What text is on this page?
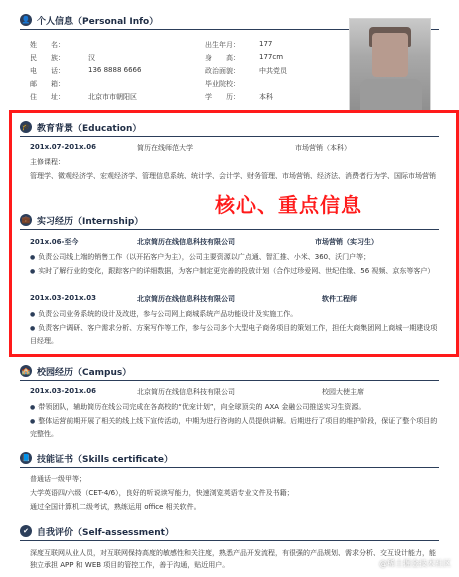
👤 个人信息（Personal Info）
姓　　名：	出生年月：	177
民　　族：	汉	身　　高：	177cm
电　　话：	136 8888 6666	政治面貌：	中共党员
邮　　箱：	毕业院校：
住　　址：	北京市市朝阳区	学　　历：	本科
🎓 教育背景（Education）
201x.07-201x.06	简历在线师范大学	市场营销（本科）
主修课程：
管理学、微观经济学、宏观经济学、管理信息系统、统计学、会计学、财务管理、市场营销、经济法、消费者行为学、国际市场营销
核心、重点信息
💼 实习经历（Internship）
201x.06-至今	北京简历在线信息科技有限公司	市场营销（实习生）
● 负责公司线上端的销售工作（以开拓客户为主），公司主要资源以广点通、智汇推、小米、360、沃门户等；
● 实时了解行业的变化，跟踪客户的详细数据，为客户制定更完善的投放计划（合作过珍爱网、世纪佳缘、56 视频、京东等客户）
201x.03-201x.03	北京简历在线信息科技有限公司	软件工程师
● 负责公司业务系统的设计及改进，参与公司网上商城系统产品功能设计及实施工作。
● 负责客户调研、客户需求分析、方案写作等工作，参与公司多个大型电子商务项目的策划工作，担任大商集团网上商城一期建设项目经理。
🏫 校园经历（Campus）
201x.03-201x.06	北京简历在线信息科技有限公司	校园大使主席
● 带领团队，辅助简历在线公司完成在各高校的“优宠计划”，向全球顶尖的 AXA 金融公司推送实习生资源。
● 整体运营前期开展了相关的线上线下宣传活动，中期为进行咨询的人员提供讲解。后期进行了项目的维护阶段，保证了整个项目的完整性。
📘 技能证书（Skills certificate）
普通话一级甲等；
大学英语四/六级（CET-4/6），良好的听说读写能力，快速浏览英语专业文件及书籍；
通过全国计算机二级考试，熟练运用 office 相关软件。
✔ 自我评价（Self-assessment）
深度互联网从业人员，对互联网保持高度的敏感性和关注度，熟悉产品开发流程，有很强的产品规划、需求分析、交互设计能力，能独立承担 APP 和 WEB 项目的管控工作，善于沟通，贴近用户。	@稀土掘金技术社区
